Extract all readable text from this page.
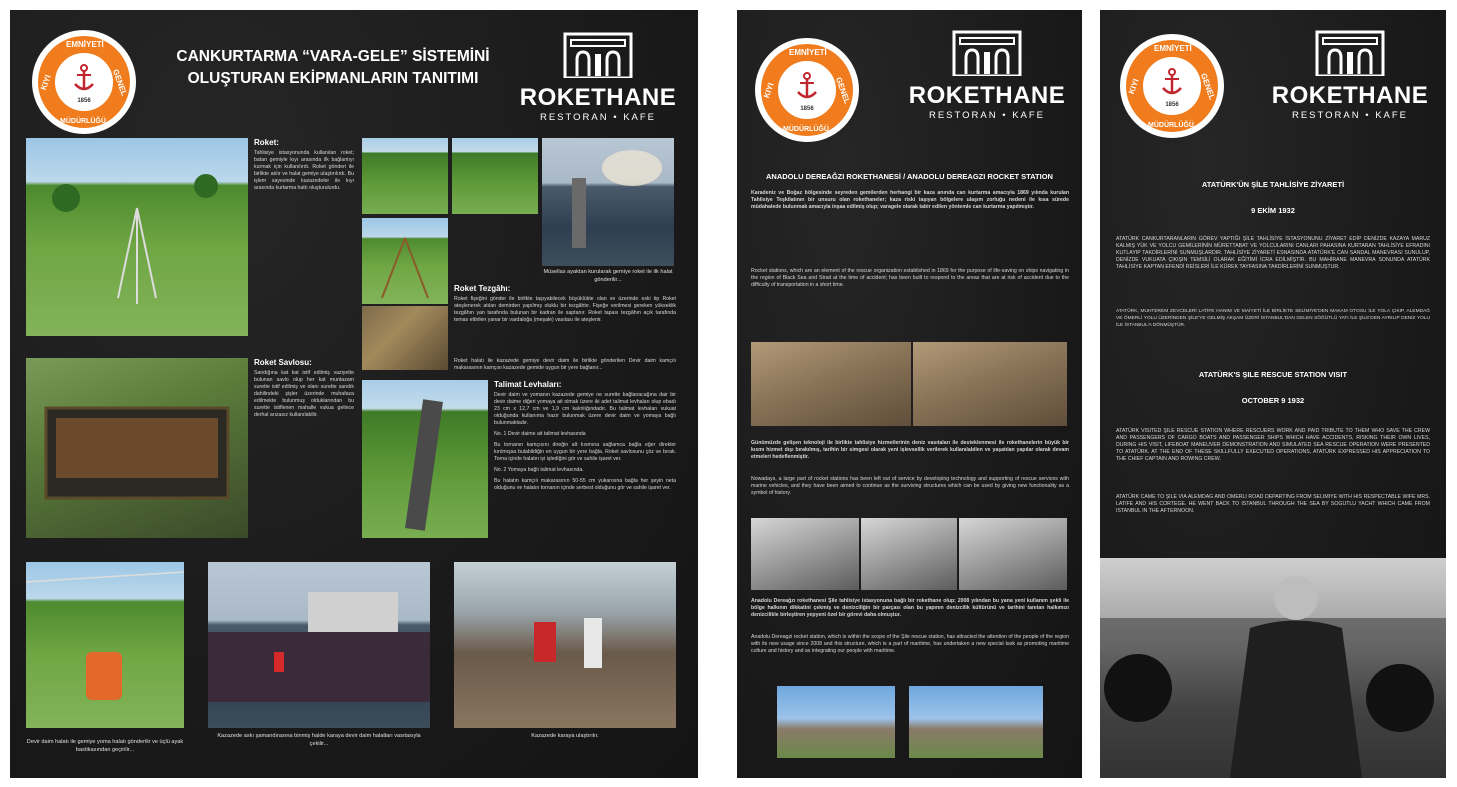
EMNİYETİ
KIYI	GENEL
MÜDÜRLÜĞÜ
1856
CANKURTARMA “VARA-GELE” SİSTEMİNİ
OLUŞTURAN EKİPMANLARIN TANITIMI
ROKETHANE
RESTORAN • KAFE
Roket:
Tahlisiye istasyonunda kullanılan roket; batan gemiyle kıyı arasında ilk bağlantıyı kurmak için kullanılırdı. Roket gönderi ile birlikte atılır ve halat gemiye ulaştırılırdı. Bu işlem sayesinde kazazedeler ile kıyı arasında kurtarma hattı oluşturulurdu.
Müsellas ayaktan kurularak gemiye roket ile ilk halat gönderilir...
Roket Tezgâhı:
Roket fişeğini gönder ile birlikte taşıyabilecek büyüklükte olan ve üzerinde eski tip Roket ateşlenerek atılan demirden yapılmış oluklu bir tezgâhtır. Fişeğe verilmesi gereken yükseklik tezgâhın yan tarafında bulunan bir kadran ile saptanır. Roket tapası tezgâhın açık tarafında temas ettirilen yanar bir vardaloğa (meşale) vasıtası ile ateşlenir.
Roket halatı ile kazazede gemiye devir daim ile birlikte gönderilen Devir daim kamçılı makarasının kamçısı kazazede gemide uygun bir yere bağlanır...
Roket Savlosu:
Sandığına kat kat istif edilmiş vaziyette bulunan savlo olup her kat muntazam surette istif edilmiş ve olanı surette sandık dahilindeki şişler üzerinde muhafaza edilmekte bulunmuş olduklarından bu surette istiflenen mahalle vukua gelince derhal arızasız kullanılabilir.
Talimat Levhaları:
Devir daim ve yomanın kazazede gemiye ne surette bağlanacağına dair bir devir daime diğeri yomaya ait olmak üzere iki adet talimat levhaları olup ebadı 23 cm x 12,7 cm ve 1,9 cm kalınlığındadır. Bu talimat levhaları vukuat olduğunda kullanıma hazır bulunmak üzere devir daim ve yomaya bağlı bulunmaktadır.
No. 1 Devir daime ait talimat levhasında
Bu tornanın kamçısını direğin alt kısmına sağlamca bağla eğer direkler kırılmışsa bulabildiğin en uygun bir yere bağla. Roket savlosunu çöz ve bırak. Torna içinde halatın iyi işlediğini gör ve sahile işaret ver.
No. 2 Yomaya bağlı talimat levhasında.
Bu halatın kamçılı makarasının 50-55 cm yukarısına bağla her şeyin neta olduğunu ve halatın tornanın içinde serbest olduğunu gör ve sahile işaret ver.
Devir daim halatı ile gemiye yoma halatı gönderilir ve üçlü ayak bastikasından geçirilir...
Kazazede askı şamandırasına binmiş halde karaya devir daim halatları vasıtasıyla çekilir...
Kazazede karaya ulaştırılır.
EMNİYETİ
KIYI	GENEL
MÜDÜRLÜĞÜ
1856	ROKETHANE
RESTORAN • KAFE
ANADOLU DEREAĞZI ROKETHANESİ / ANADOLU DEREAGZI ROCKET STATION
Karadeniz ve Boğaz bölgesinde seyreden gemilerden herhangi bir kaza anında can kurtarma amacıyla 1869 yılında kurulan Tahlisiye Teşkilatının bir unsuru olan rokethaneler; kaza riski taşıyan bölgelere ulaşım zorluğu nedeni ile kısa sürede müdahalede bulunmak amacıyla inşaa edilmiş olup; varagele olarak tabir edilen yöntemle can kurtarma yapılmıştır.
Rocket stations, which are an element of the rescue organization established in 1869 for the purpose of life-saving on ships navigating in the region of Black Sea and Strait at the time of accident; has been built to respond to the areas that are at risk of accident due to the difficulty of transportation in a short time.
Günümüzde gelişen teknoloji ile birlikte tahlisiye hizmetlerinin deniz vasıtaları ile desteklenmesi ile rokethanelerin büyük bir kısmı hizmet dışı bırakılmış, tarihin bir simgesi olarak yeni işlevsellik verilerek kullanılabilen ve yaşatılan yapılar olarak devam etmeleri hedeflenmiştir.
Nowadays, a large part of rocket stations has been left out of service by developing technology and supporting of rescue services with marine vehicles, and they have been aimed to continue as the surviving structures which can be used by giving new functionality as a symbol of history.
Anadolu Dereağzı rokethanesi Şile tahlisiye istasyonuna bağlı bir rokethane olup; 2008 yılından bu yana yeni kullanım şekli ile bölge halkının dikkatini çekmiş ve denizciliğin bir parçası olan bu yapının denizcilik kültürünü ve tarihini tanıtan halkımızı denizcilikle birleştiren yepyeni özel bir görevi daha olmuştur.
Anadolu Dereagzi rocket station, which is within the scope of the Şile rescue station, has attracted the attention of the people of the region with its new usage since 2008 and this structure, which is a part of maritime, has undertaken a new special task as promoting maritime culture and history and as integrating our people with maritime.
EMNİYETİ
KIYI	GENEL
MÜDÜRLÜĞÜ
1856	ROKETHANE
RESTORAN • KAFE
ATATÜRK'ÜN ŞİLE TAHLİSİYE ZİYARETİ
9 EKİM 1932
ATATÜRK CANKURTARANLARIN GÖREV YAPTIĞI ŞİLE TAHLİSİYE İSTASYONUNU ZİYARET EDİP DENİZDE KAZAYA MARUZ KALMIŞ YÜK VE YOLCU GEMİLERİNİN MÜRETTABAT VE YOLCULARINI CANLARI PAHASINA KURTARAN TAHLİSİYE EFRADINI KUTLAYIP TAKDİRLERİNİ SUNMUŞLARDIR. TAHLİSİYE ZİYARETİ ESNASINDA ATATÜRK'E CAN SANDAL MANEVRASI SUNULUP, DENİZDE VUKUATA ÇIKIŞIN TEMSİLİ OLARAK EĞİTİMİ İCRA EDİLMİŞTİR. BU MAHİRANE MANEVRA SONUNDA ATATÜRK TAHLİSİYE KAPTAN EFENDİ REİSLERİ İLE KÜREK TAYFASINA TAKDİRLERİNİ SUNMUŞTUR.
ATATÜRK, MUHTEREM ZEVCELERİ LATİFE HANIM VE MAİYETİ İLE BİRLİKTE SELİMİYE'DEN MAKAM OTOSU İLE YOLA ÇIKIP, ALEMDAĞ VE ÖMERLİ YOLU ÜZERİNDEN ŞİLE'YE GELMİŞ AKŞAM ÜZERİ İSTANBUL'DAN GELEN SÖĞÜTLÜ YATI İLE ŞİLE'DEN AYRILIP DENİZ YOLU İLE İSTANBUL'A DÖNMÜŞTÜR.
ATATÜRK'S ŞILE RESCUE STATION VISIT
OCTOBER 9 1932
ATATÜRK VISITED ŞILE RESCUE STATION WHERE RESCUERS WORK AND PAID TRIBUTE TO THEM WHO SAVE THE CREW AND PASSENGERS OF CARGO BOATS AND PASSENGER SHIPS WHICH HAVE ACCIDENTS, RISKING THEIR OWN LIVES, DURING HIS VISIT, LIFEBOAT MANEUVER DEMONSTRATION AND SIMULATED SEA RESCUE OPERATION WERE PRESENTED TO ATATÜRK. AT THE END OF THESE SKILLFULLY EXECUTED OPERATIONS, ATATÜRK EXPRESSED HIS APPRECIATION TO THE CHIEF CAPTAIN AND ROWING CREW.
ATATÜRK CAME TO ŞILE VIA ALEMDAG AND OMERLI ROAD DEPARTING FROM SELIMIYE WITH HIS RESPECTABLE WIFE MRS. LATIFE AND HIS CORTEGE. HE WENT BACK TO ISTANBUL THROUGH THE SEA BY SOGUTLU YACHT WHICH CAME FROM ISTANBUL IN THE AFTERNOON.
